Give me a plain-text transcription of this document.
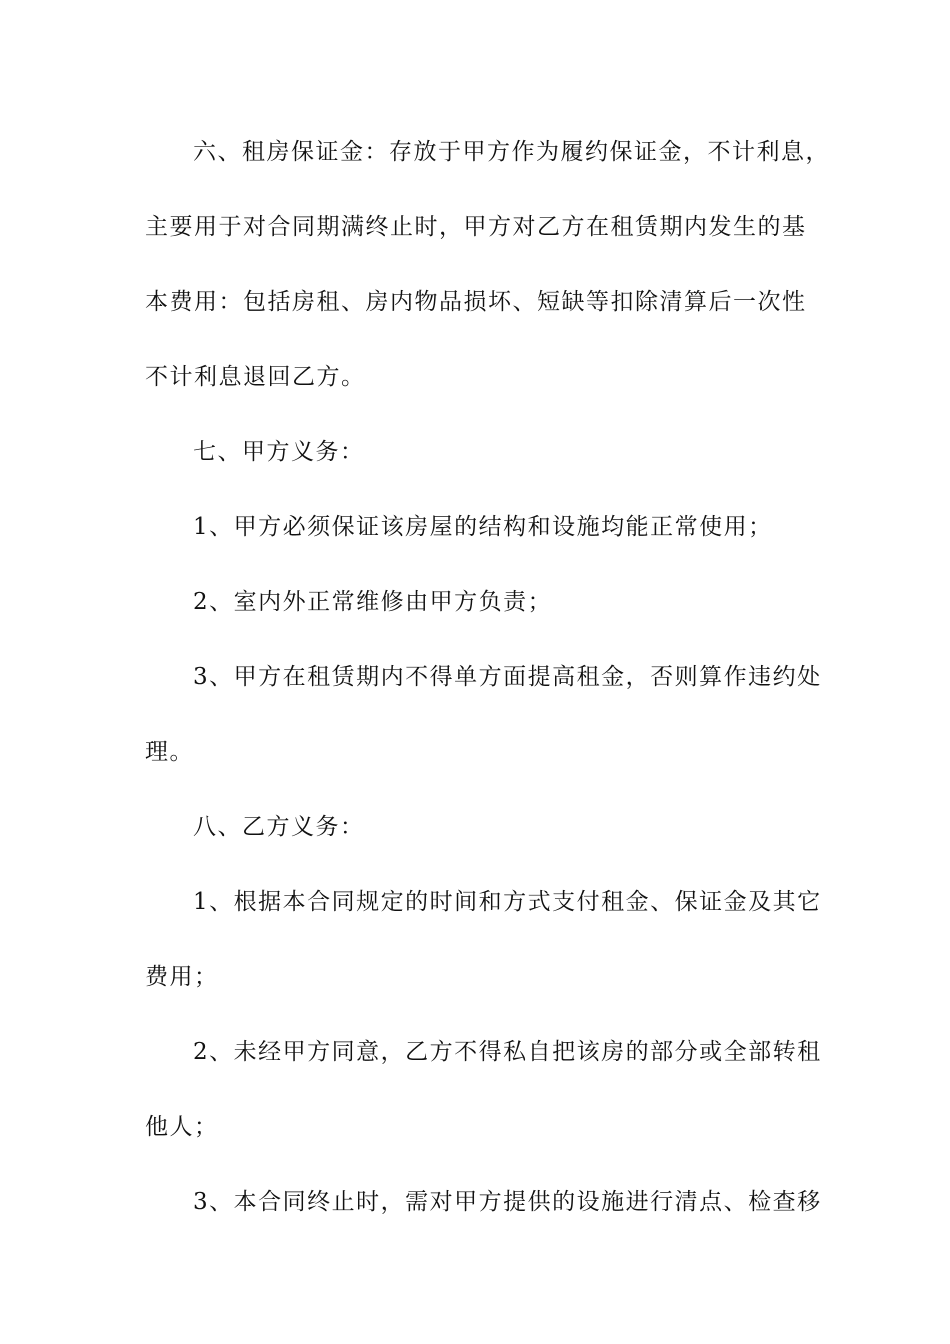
六、租房保证金：存放于甲方作为履约保证金，不计利息，
主要用于对合同期满终止时，甲方对乙方在租赁期内发生的基
本费用：包括房租、房内物品损坏、短缺等扣除清算后一次性
不计利息退回乙方。
七、甲方义务：
1、甲方必须保证该房屋的结构和设施均能正常使用；
2、室内外正常维修由甲方负责；
3、甲方在租赁期内不得单方面提高租金，否则算作违约处
理。
八、乙方义务：
1、根据本合同规定的时间和方式支付租金、保证金及其它
费用；
2、未经甲方同意，乙方不得私自把该房的部分或全部转租
他人；
3、本合同终止时，需对甲方提供的设施进行清点、检查移
